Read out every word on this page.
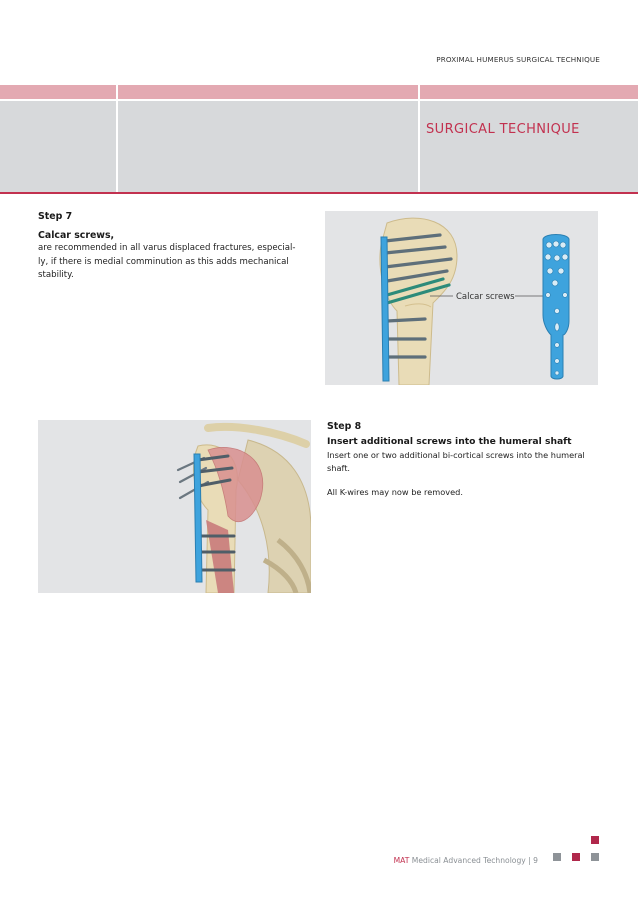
PROXIMAL HUMERUS SURGICAL TECHNIQUE
SURGICAL TECHNIQUE
Step 7
Calcar screws,
are recommended in all varus displaced fractures, especial-ly, if there is medial comminution as this adds mechanical stability.
Calcar screws
Step 8
Insert additional screws into the humeral shaft
Insert one or two additional bi-cortical screws into the humeral shaft.
All K-wires may now be removed.
MAT Medical Advanced Technology | 9
